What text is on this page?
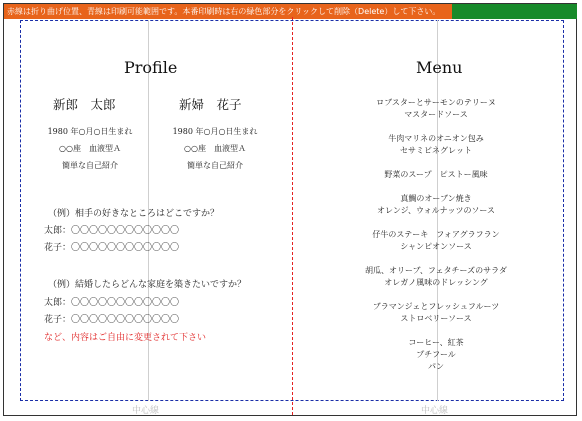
赤線は折り曲げ位置、青線は印刷可能範囲です。本番印刷時は右の緑色部分をクリックして削除（Delete）して下さい。
中心線	中心線
Profile
新郎　太郎	新婦　花子
1980 年○月○日生まれ
○○座　血液型Ａ
簡単な自己紹介
1980 年○月○日生まれ
○○座　血液型Ａ
簡単な自己紹介
（例）相手の好きなところはどこですか？
太郎：〇〇〇〇〇〇〇〇〇〇〇〇
花子：〇〇〇〇〇〇〇〇〇〇〇〇
（例）結婚したらどんな家庭を築きたいですか？
太郎：〇〇〇〇〇〇〇〇〇〇〇〇
花子：〇〇〇〇〇〇〇〇〇〇〇〇
など、内容はご自由に変更されて下さい
Menu
ロブスターとサーモンのテリーヌ
マスタードソース
牛肉マリネのオニオン包み
セサミビネグレット
野菜のスープ　ピストー風味
真鯛のオーブン焼き
オレンジ、ウォルナッツのソース
仔牛のステーキ　フォアグラフラン
シャンピオンソース
胡瓜、オリーブ、フェタチーズのサラダ
オレガノ風味のドレッシング
ブラマンジェとフレッシュフルーツ
ストロベリーソース
コーヒー、紅茶
プチフール
パン
